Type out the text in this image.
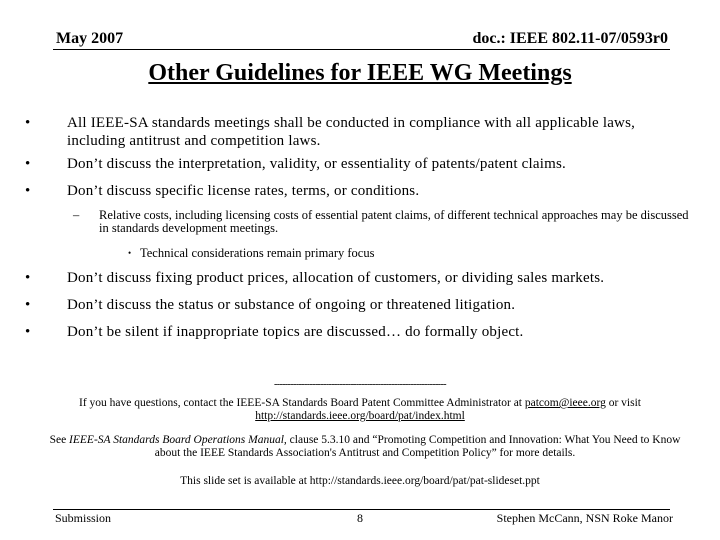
May 2007	doc.: IEEE 802.11-07/0593r0
Other Guidelines for IEEE WG Meetings
• All IEEE-SA standards meetings shall be conducted in compliance with all applicable laws, including antitrust and competition laws.
• Don’t discuss the interpretation, validity, or essentiality of patents/patent claims.
• Don’t discuss specific license rates, terms, or conditions.
– Relative costs, including licensing costs of essential patent claims, of different technical approaches may be discussed in standards development meetings.
• Technical considerations remain primary focus
• Don’t discuss fixing product prices, allocation of customers, or dividing sales markets.
• Don’t discuss the status or substance of ongoing or threatened litigation.
• Don’t be silent if inappropriate topics are discussed… do formally object.
---------------------------------------------------------------
If you have questions, contact the IEEE-SA Standards Board Patent Committee Administrator at patcom@ieee.org or visit
http://standards.ieee.org/board/pat/index.html
See IEEE-SA Standards Board Operations Manual, clause 5.3.10 and “Promoting Competition and Innovation: What You Need to Know about the IEEE Standards Association's Antitrust and Competition Policy” for more details.
This slide set is available at http://standards.ieee.org/board/pat/pat-slideset.ppt
Submission	8	Stephen McCann, NSN Roke Manor
